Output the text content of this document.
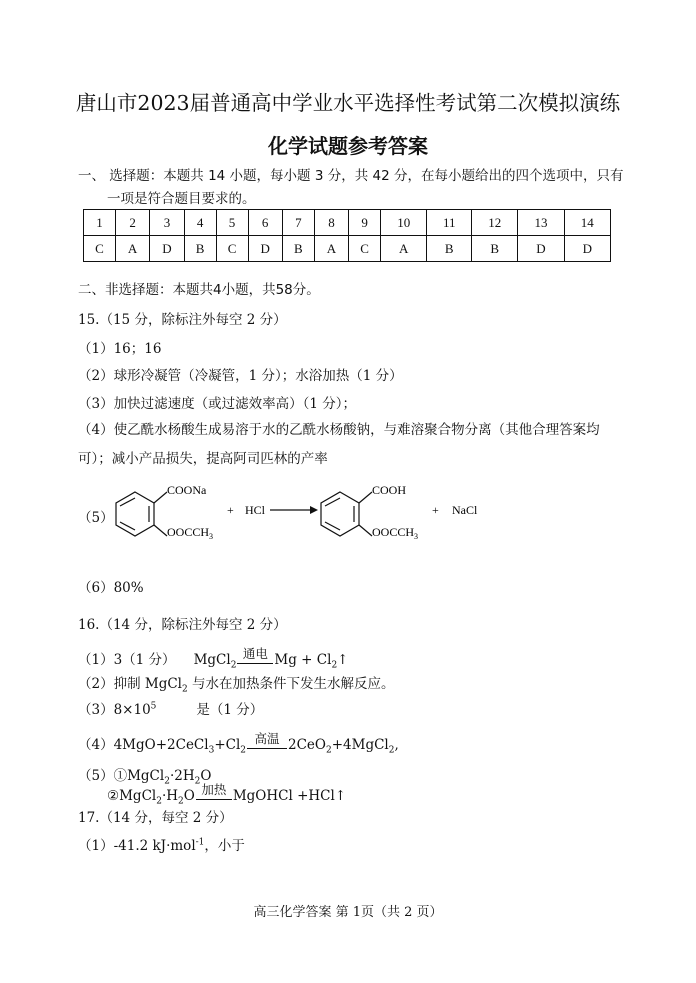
唐山市2023届普通高中学业水平选择性考试第二次模拟演练
化学试题参考答案
一、 选择题：本题共 14 小题，每小题 3 分，共 42 分，在每小题给出的四个选项中，只有
一项是符合题目要求的。
1	2	3	4	5	6	7	8	9	10	11	12	13	14
C	A	D	B	C	D	B	A	C	A	B	B	D	D
二、非选择题：本题共4小题，共58分。
15.（15 分，除标注外每空 2 分）
（1）16；16
（2）球形冷凝管（冷凝管，1 分）；水浴加热（1 分）
（3）加快过滤速度（或过滤效率高）（1 分）；
（4）使乙酰水杨酸生成易溶于水的乙酰水杨酸钠，与难溶聚合物分离（其他合理答案均
可）；减小产品损失，提高阿司匹林的产率
（5）
COONa
$OOCCH_3$
+ HCl
COOH
$OOCCH_3$
+ NaCl
（6）80%
16.（14 分，除标注外每空 2 分）
（1）3（1 分） MgCl$_2$
通电 $Mg + Cl_2↑$
（2）抑制 MgCl$_2$ 与水在加热条件下发生水解反应。
$(3)8\times 10^5$	是（1 分）
$(4)4MgO+2CeCl_3+Cl_2$
高温 2CeO$_2$+4MgCl$_2$,
$(5)①MgCl_2\cdot 2H_2O$
$②MgCl_2\cdot H_2O$ 加热 MgOHCl +HCl↑
17.（14 分，每空 2 分）
（1）-41.2 kJ·mol$^{-1}$，小于
高三化学答案 第 1页（共 2 页）
